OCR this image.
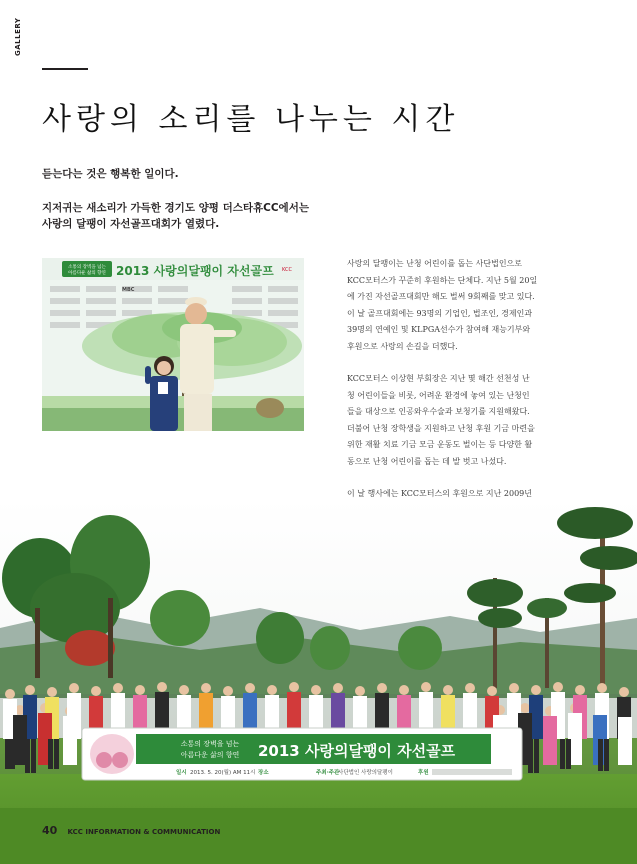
GALLERY
사랑의 소리를 나누는 시간
듣는다는 것은 행복한 일이다.
지저귀는 새소리가 가득한 경기도 양평 더스타휴CC에서는
사랑의 달팽이 자선골프대회가 열렸다.
소통의 장벽을 넘는
아름다운 삶의 향연 2013 사랑의달팽이 자선골프 KCC
MBC

사랑의 달팽이는 난청 어린이를 돕는 사단법인으로
KCC모터스가 꾸준히 후원하는 단체다. 지난 5월 20일
에 가진 자선골프대회만 해도 벌써 9회째를 맞고 있다.
이 날 골프대회에는 93명의 기업인, 법조인, 경제인과
39명의 연예인 및 KLPGA선수가 참여해 재능기부와
후원으로 사랑의 손길을 더했다.

KCC모터스 이상현 부회장은 지난 몇 해간 선천성 난
청 어린이들을 비롯, 어려운 환경에 놓여 있는 난청인
들을 대상으로 인공와우수술과 보청기를 지원해왔다.
더불어 난청 장학생을 지원하고 난청 후원 기금 마련을
위한 재활 치료 기금 모금 운동도 벌이는 등 다양한 활
동으로 난청 어린이를 돕는 데 발 벗고 나섰다.

이 날 행사에는 KCC모터스의 후원으로 지난 2009년

소통의 장벽을 넘는
아름다운 삶의 향연 2013 사랑의달팽이 자선골프
일시 2013. 5. 20(월) AM 11시 장소	주최·주관
사단법인 사랑의달팽이	후원
40 KCC INFORMATION & COMMUNICATION
